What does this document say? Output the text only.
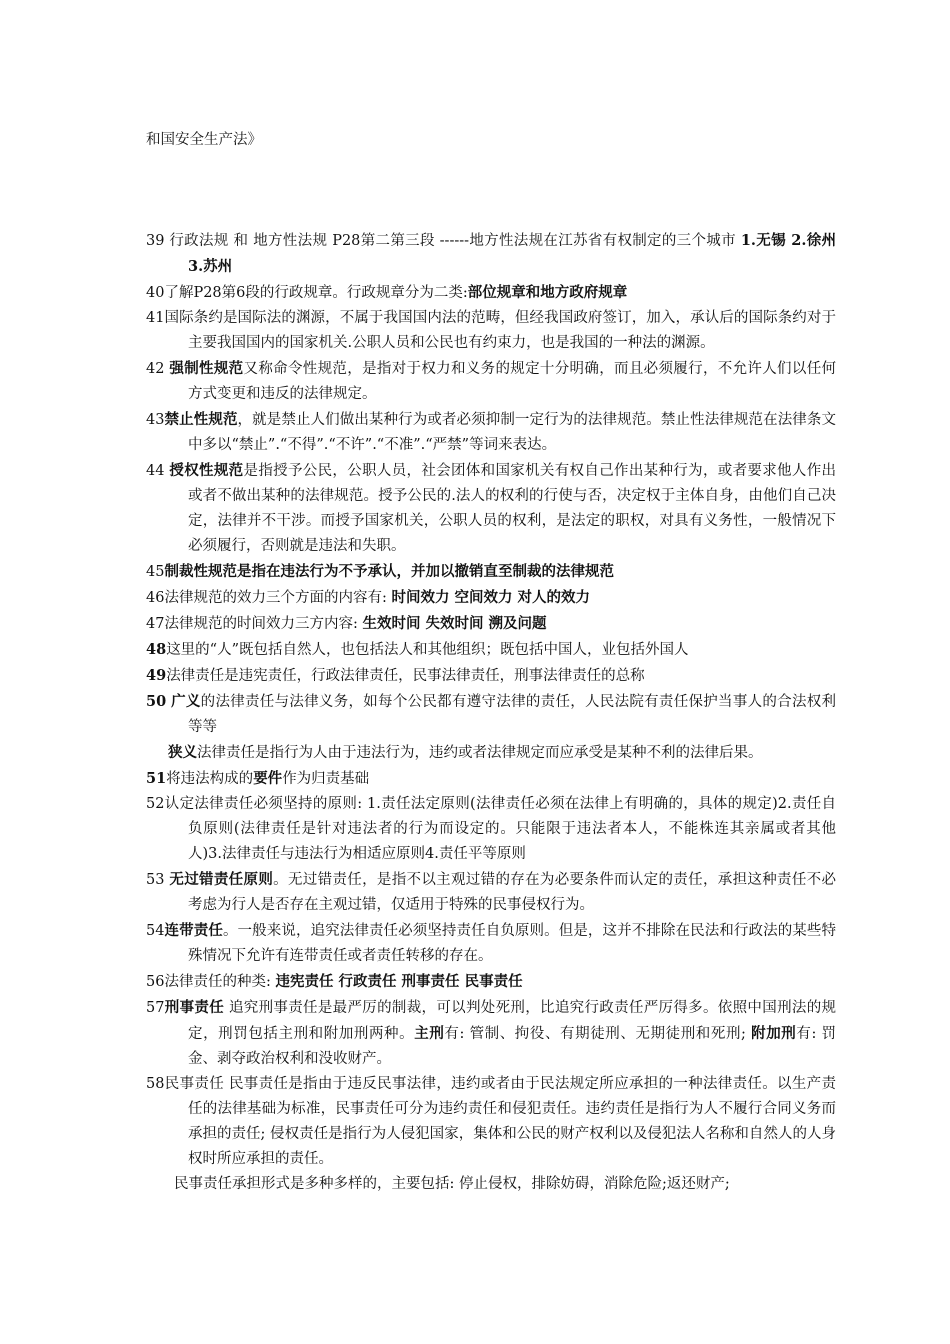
和国安全生产法》

39 行政法规 和 地方性法规 P28第二第三段 ------地方性法规在江苏省有权制定的三个城市 1.无锡 2.徐州 3.苏州

40了解P28第6段的行政规章。行政规章分为二类:部位规章和地方政府规章

41国际条约是国际法的渊源，不属于我国国内法的范畴，但经我国政府签订，加入，承认后的国际条约对于主要我国国内的国家机关.公职人员和公民也有约束力，也是我国的一种法的渊源。

42 强制性规范又称命令性规范，是指对于权力和义务的规定十分明确，而且必须履行，不允许人们以任何方式变更和违反的法律规定。

43禁止性规范，就是禁止人们做出某种行为或者必须抑制一定行为的法律规范。禁止性法律规范在法律条文中多以“禁止”.“不得”.“不许”.“不准”.“严禁”等词来表达。

44 授权性规范是指授予公民，公职人员，社会团体和国家机关有权自己作出某种行为，或者要求他人作出或者不做出某种的法律规范。授予公民的.法人的权利的行使与否，决定权于主体自身，由他们自己决定，法律并不干涉。而授予国家机关，公职人员的权利，是法定的职权，对具有义务性，一般情况下必须履行，否则就是违法和失职。

45制裁性规范是指在违法行为不予承认，并加以撤销直至制裁的法律规范

46法律规范的效力三个方面的内容有: 时间效力 空间效力 对人的效力

47法律规范的时间效力三方内容: 生效时间 失效时间 溯及问题

48这里的“人”既包括自然人，也包括法人和其他组织；既包括中国人，业包括外国人

49法律责任是违宪责任，行政法律责任，民事法律责任，刑事法律责任的总称

50 广义的法律责任与法律义务，如每个公民都有遵守法律的责任，人民法院有责任保护当事人的合法权利等等

狭义法律责任是指行为人由于违法行为，违约或者法律规定而应承受是某种不利的法律后果。

51将违法构成的要件作为归责基础

52认定法律责任必须坚持的原则: 1.责任法定原则(法律责任必须在法律上有明确的，具体的规定)2.责任自负原则(法律责任是针对违法者的行为而设定的。只能限于违法者本人，不能株连其亲属或者其他人)3.法律责任与违法行为相适应原则4.责任平等原则

53 无过错责任原则。无过错责任，是指不以主观过错的存在为必要条件而认定的责任，承担这种责任不必考虑为行人是否存在主观过错，仅适用于特殊的民事侵权行为。

54连带责任。一般来说，追究法律责任必须坚持责任自负原则。但是，这并不排除在民法和行政法的某些特殊情况下允许有连带责任或者责任转移的存在。

56法律责任的种类: 违宪责任 行政责任 刑事责任 民事责任

57刑事责任 追究刑事责任是最严厉的制裁，可以判处死刑，比追究行政责任严厉得多。依照中国刑法的规定，刑罚包括主刑和附加刑两种。主刑有: 管制、拘役、有期徒刑、无期徒刑和死刑; 附加刑有: 罚金、剥夺政治权利和没收财产。

58民事责任 民事责任是指由于违反民事法律，违约或者由于民法规定所应承担的一种法律责任。以生产责任的法律基础为标准，民事责任可分为违约责任和侵犯责任。违约责任是指行为人不履行合同义务而承担的责任; 侵权责任是指行为人侵犯国家，集体和公民的财产权利以及侵犯法人名称和自然人的人身权时所应承担的责任。

民事责任承担形式是多种多样的，主要包括: 停止侵权，排除妨碍，消除危险;返还财产;
